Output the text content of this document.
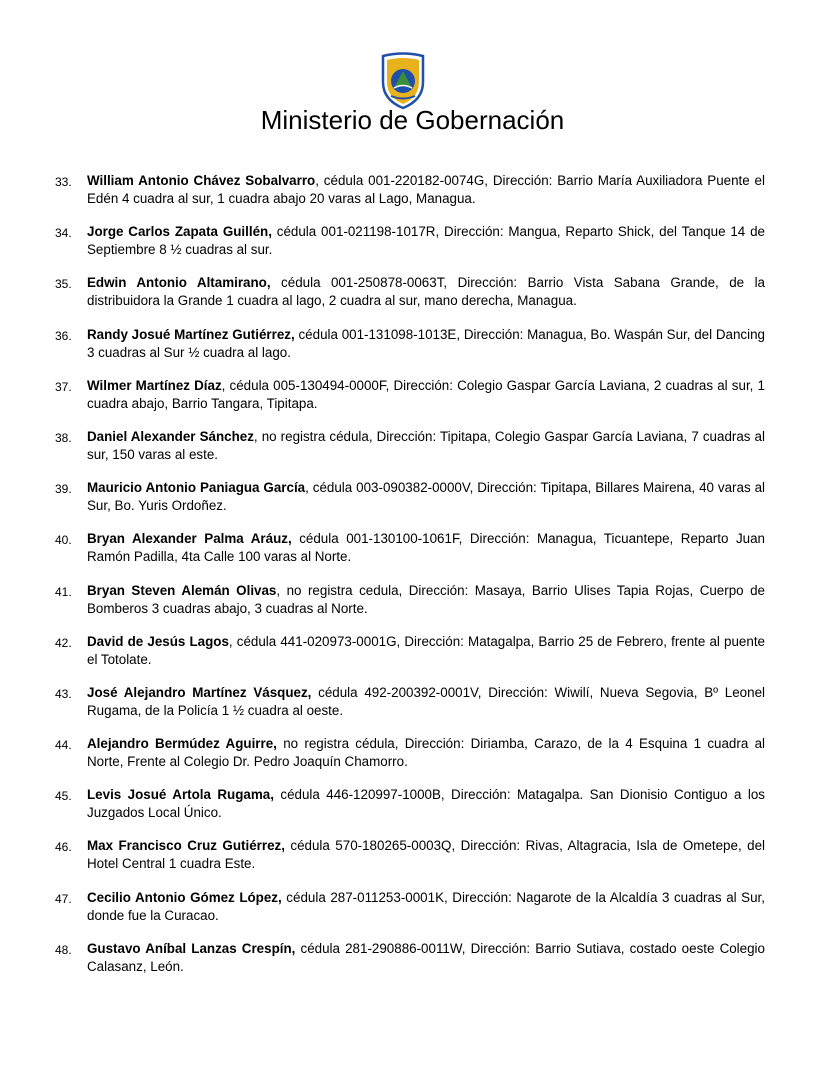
Ministerio de Gobernación
33. William Antonio Chávez Sobalvarro, cédula 001-220182-0074G, Dirección: Barrio María Auxiliadora Puente el Edén 4 cuadra al sur, 1 cuadra abajo 20 varas al Lago, Managua.
34. Jorge Carlos Zapata Guillén, cédula 001-021198-1017R, Dirección: Mangua, Reparto Shick, del Tanque 14 de Septiembre 8 ½ cuadras al sur.
35. Edwin Antonio Altamirano, cédula 001-250878-0063T, Dirección: Barrio Vista Sabana Grande, de la distribuidora la Grande 1 cuadra al lago, 2 cuadra al sur, mano derecha, Managua.
36. Randy Josué Martínez Gutiérrez, cédula 001-131098-1013E, Dirección: Managua, Bo. Waspán Sur, del Dancing 3 cuadras al Sur ½ cuadra al lago.
37. Wilmer Martínez Díaz, cédula 005-130494-0000F, Dirección: Colegio Gaspar García Laviana, 2 cuadras al sur, 1 cuadra abajo, Barrio Tangara, Tipitapa.
38. Daniel Alexander Sánchez, no registra cédula, Dirección: Tipitapa, Colegio Gaspar García Laviana, 7 cuadras al sur, 150 varas al este.
39. Mauricio Antonio Paniagua García, cédula 003-090382-0000V, Dirección: Tipitapa, Billares Mairena, 40 varas al Sur, Bo. Yuris Ordoñez.
40. Bryan Alexander Palma Aráuz, cédula 001-130100-1061F, Dirección: Managua, Ticuantepe, Reparto Juan Ramón Padilla, 4ta Calle 100 varas al Norte.
41. Bryan Steven Alemán Olivas, no registra cedula, Dirección: Masaya, Barrio Ulises Tapia Rojas, Cuerpo de Bomberos 3 cuadras abajo, 3 cuadras al Norte.
42. David de Jesús Lagos, cédula 441-020973-0001G, Dirección: Matagalpa, Barrio 25 de Febrero, frente al puente el Totolate.
43. José Alejandro Martínez Vásquez, cédula 492-200392-0001V, Dirección: Wiwilí, Nueva Segovia, Bº Leonel Rugama, de la Policía 1 ½ cuadra al oeste.
44. Alejandro Bermúdez Aguirre, no registra cédula, Dirección: Diriamba, Carazo, de la 4 Esquina 1 cuadra al Norte, Frente al Colegio Dr. Pedro Joaquín Chamorro.
45. Levis Josué Artola Rugama, cédula 446-120997-1000B, Dirección: Matagalpa. San Dionisio Contiguo a los Juzgados Local Único.
46. Max Francisco Cruz Gutiérrez, cédula 570-180265-0003Q, Dirección: Rivas, Altagracia, Isla de Ometepe, del Hotel Central 1 cuadra Este.
47. Cecilio Antonio Gómez López, cédula 287-011253-0001K, Dirección: Nagarote de la Alcaldía 3 cuadras al Sur, donde fue la Curacao.
48. Gustavo Aníbal Lanzas Crespín, cédula 281-290886-0011W, Dirección: Barrio Sutiava, costado oeste Colegio Calasanz, León.
